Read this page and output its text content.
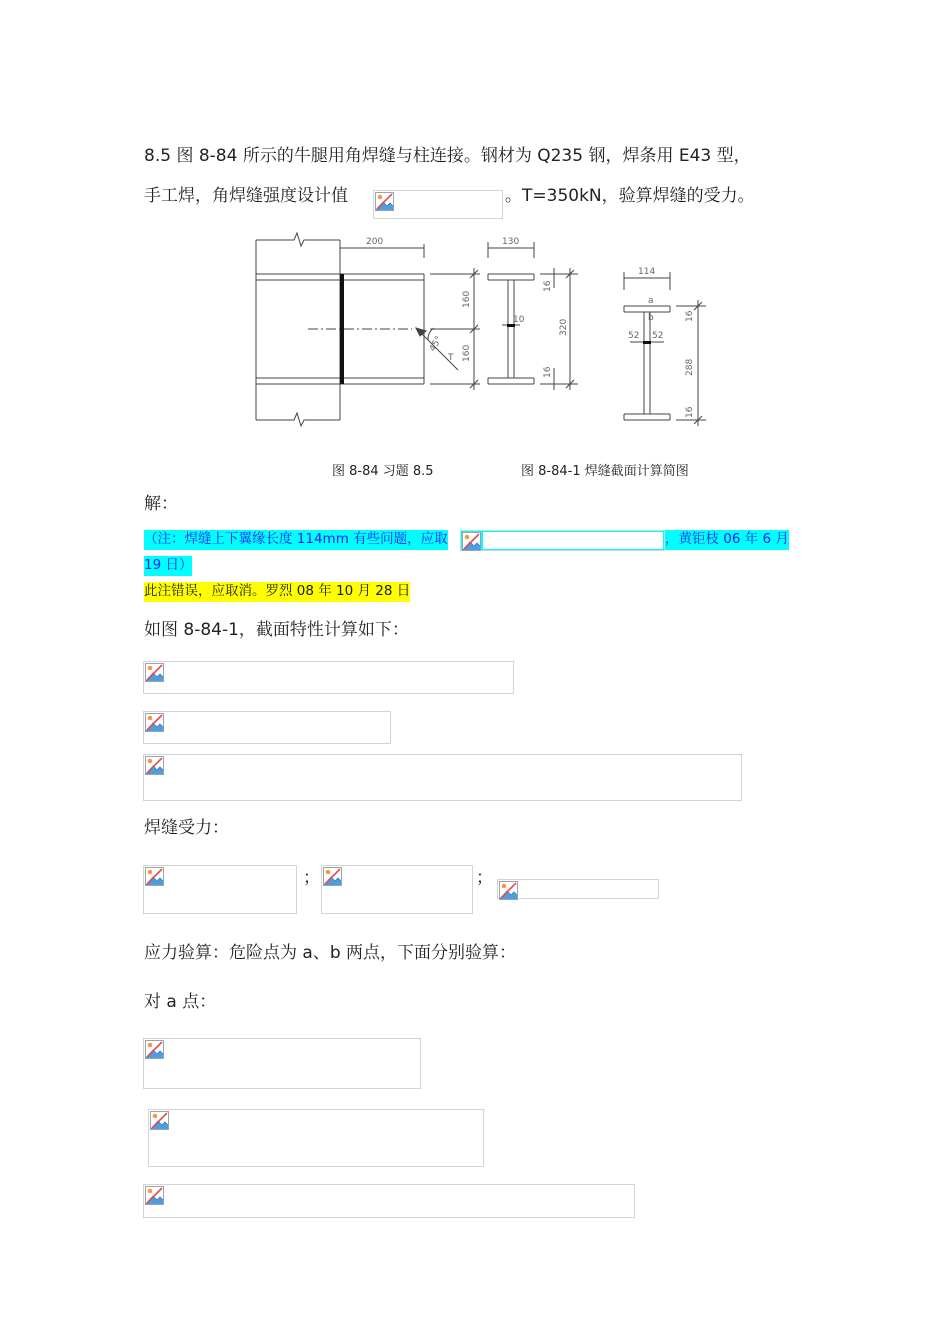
8.5 图 8-84 所示的牛腿用角焊缝与柱连接。钢材为 Q235 钢，焊条用 E43 型，
手工焊，角焊缝强度设计值	。T=350kN，验算焊缝的受力。
200	130
160
160
10	320
16
16
45°
T
114
52 52
a
b
288
16
16
图 8-84 习题 8.5	图 8-84-1 焊缝截面计算简图
解：
（注：焊缝上下翼缘长度 114mm 有些问题，应取	，黄钜枝 06 年 6 月
19 日）
此注错误，应取消。罗烈 08 年 10 月 28 日
如图 8-84-1，截面特性计算如下：
焊缝受力：
；	；
应力验算：危险点为 a、b 两点，下面分别验算：
对 a 点：
